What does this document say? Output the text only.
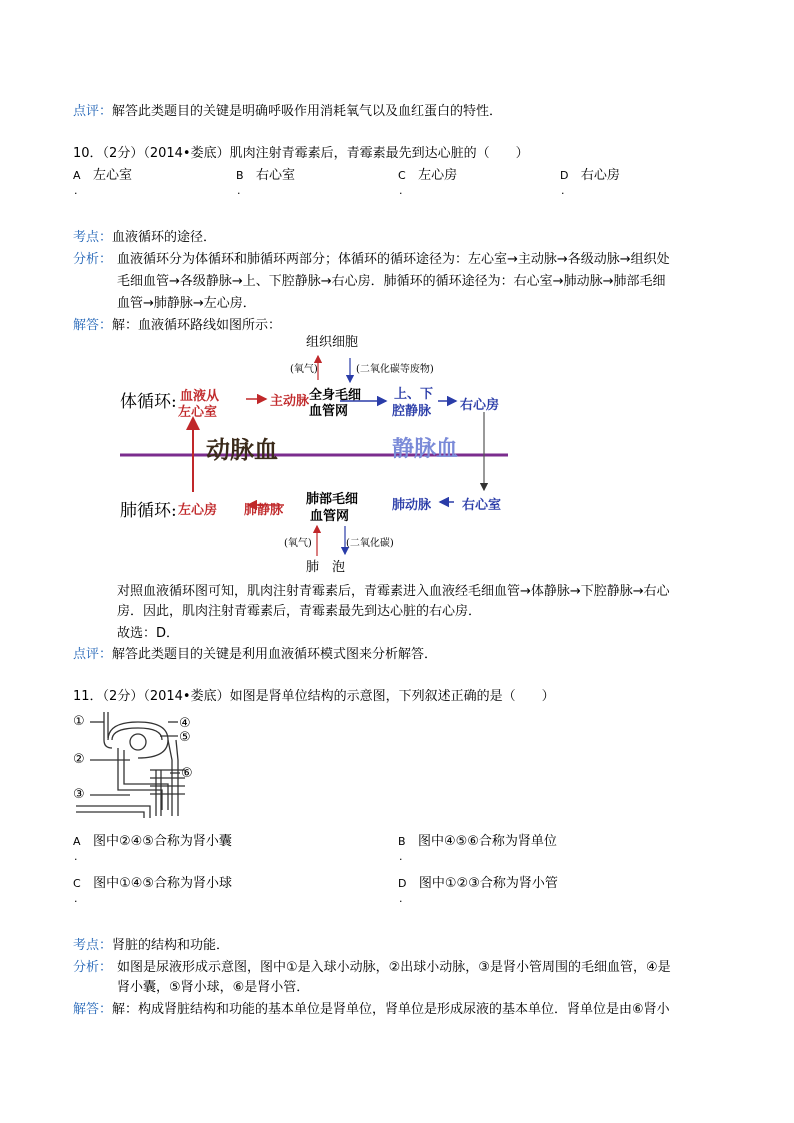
点评：解答此类题目的关键是明确呼吸作用消耗氧气以及血红蛋白的特性．
10．（2分）（2014•娄底）肌肉注射青霉素后，青霉素最先到达心脏的（　　）
A 左心室
.
B 右心室
.
C 左心房
.
D 右心房
.
考点：血液循环的途径．
分析： 血液循环分为体循环和肺循环两部分；体循环的循环途径为：左心室→主动脉→各级动脉→组织处
毛细血管→各级静脉→上、下腔静脉→右心房．肺循环的循环途径为：右心室→肺动脉→肺部毛细
血管→肺静脉→左心房．
解答：解：血液循环路线如图所示：
组织细胞
(氧气)	(二氧化碳等废物)
体循环: 血液从
左心室
主动脉 全身毛细
血管网
上、下
腔静脉 右心房
动脉血	静脉血
肺循环: 左心房 肺静脉
肺部毛细
血管网
肺动脉 右心室
(氧气)	(二氧化碳)
肺　泡
对照血液循环图可知，肌肉注射青霉素后，青霉素进入血液经毛细血管→体静脉→下腔静脉→右心
房．因此，肌肉注射青霉素后，青霉素最先到达心脏的右心房．
故选：D．
点评：解答此类题目的关键是利用血液循环模式图来分析解答．
11．（2分）（2014•娄底）如图是肾单位结构的示意图，下列叙述正确的是（　　）
①
②
③
④
⑤
⑥
A 图中②④⑤合称为肾小囊
.
B 图中④⑤⑥合称为肾单位
.
C 图中①④⑤合称为肾小球
.
D 图中①②③合称为肾小管
.
考点：肾脏的结构和功能．
分析： 如图是尿液形成示意图，图中①是入球小动脉，②出球小动脉，③是肾小管周围的毛细血管，④是
肾小囊，⑤肾小球，⑥是肾小管．
解答：解：构成肾脏结构和功能的基本单位是肾单位，肾单位是形成尿液的基本单位．肾单位是由⑥肾小
